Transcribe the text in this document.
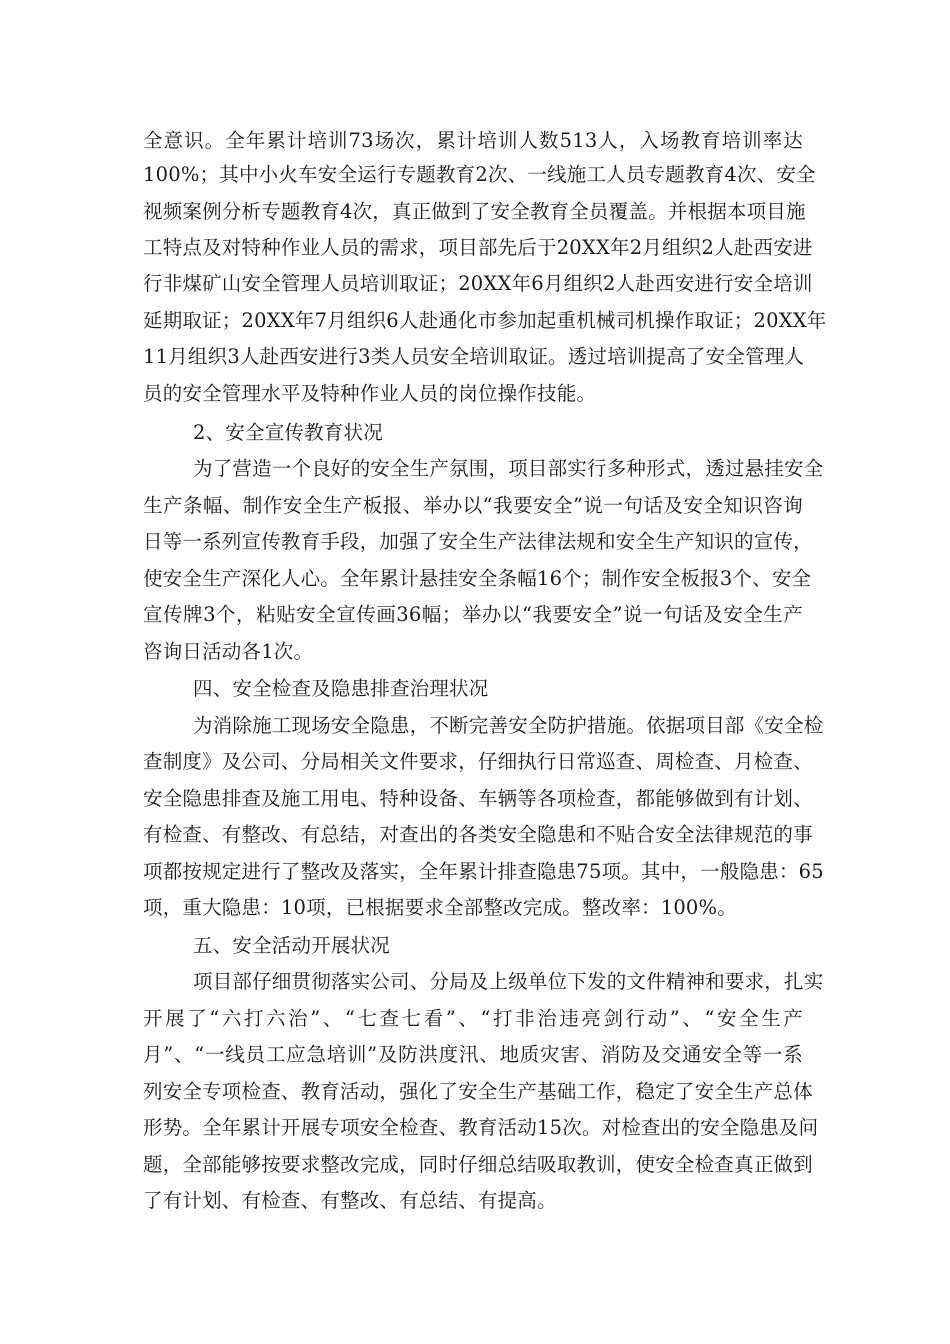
全意识。全年累计培训73场次，累计培训人数513人，入场教育培训率达

100%；其中小火车安全运行专题教育2次、一线施工人员专题教育4次、安全

视频案例分析专题教育4次，真正做到了安全教育全员覆盖。并根据本项目施

工特点及对特种作业人员的需求，项目部先后于20XX年2月组织2人赴西安进

行非煤矿山安全管理人员培训取证；20XX年6月组织2人赴西安进行安全培训

延期取证；20XX年7月组织6人赴通化市参加起重机械司机操作取证；20XX年

11月组织3人赴西安进行3类人员安全培训取证。透过培训提高了安全管理人

员的安全管理水平及特种作业人员的岗位操作技能。

2、安全宣传教育状况

为了营造一个良好的安全生产氛围，项目部实行多种形式，透过悬挂安全

生产条幅、制作安全生产板报、举办以“我要安全”说一句话及安全知识咨询

日等一系列宣传教育手段，加强了安全生产法律法规和安全生产知识的宣传，

使安全生产深化人心。全年累计悬挂安全条幅16个；制作安全板报3个、安全

宣传牌3个，粘贴安全宣传画36幅；举办以“我要安全”说一句话及安全生产

咨询日活动各1次。

四、安全检查及隐患排查治理状况

为消除施工现场安全隐患，不断完善安全防护措施。依据项目部《安全检

查制度》及公司、分局相关文件要求，仔细执行日常巡查、周检查、月检查、

安全隐患排查及施工用电、特种设备、车辆等各项检查，都能够做到有计划、

有检查、有整改、有总结，对查出的各类安全隐患和不贴合安全法律规范的事

项都按规定进行了整改及落实，全年累计排查隐患75项。其中，一般隐患：65

项，重大隐患：10项，已根据要求全部整改完成。整改率：100%。

五、安全活动开展状况

项目部仔细贯彻落实公司、分局及上级单位下发的文件精神和要求，扎实

开展了“六打六治”、“七查七看”、“打非治违亮剑行动”、“安全生产

月”、“一线员工应急培训”及防洪度汛、地质灾害、消防及交通安全等一系

列安全专项检查、教育活动，强化了安全生产基础工作，稳定了安全生产总体

形势。全年累计开展专项安全检查、教育活动15次。对检查出的安全隐患及问

题，全部能够按要求整改完成，同时仔细总结吸取教训，使安全检查真正做到

了有计划、有检查、有整改、有总结、有提高。
